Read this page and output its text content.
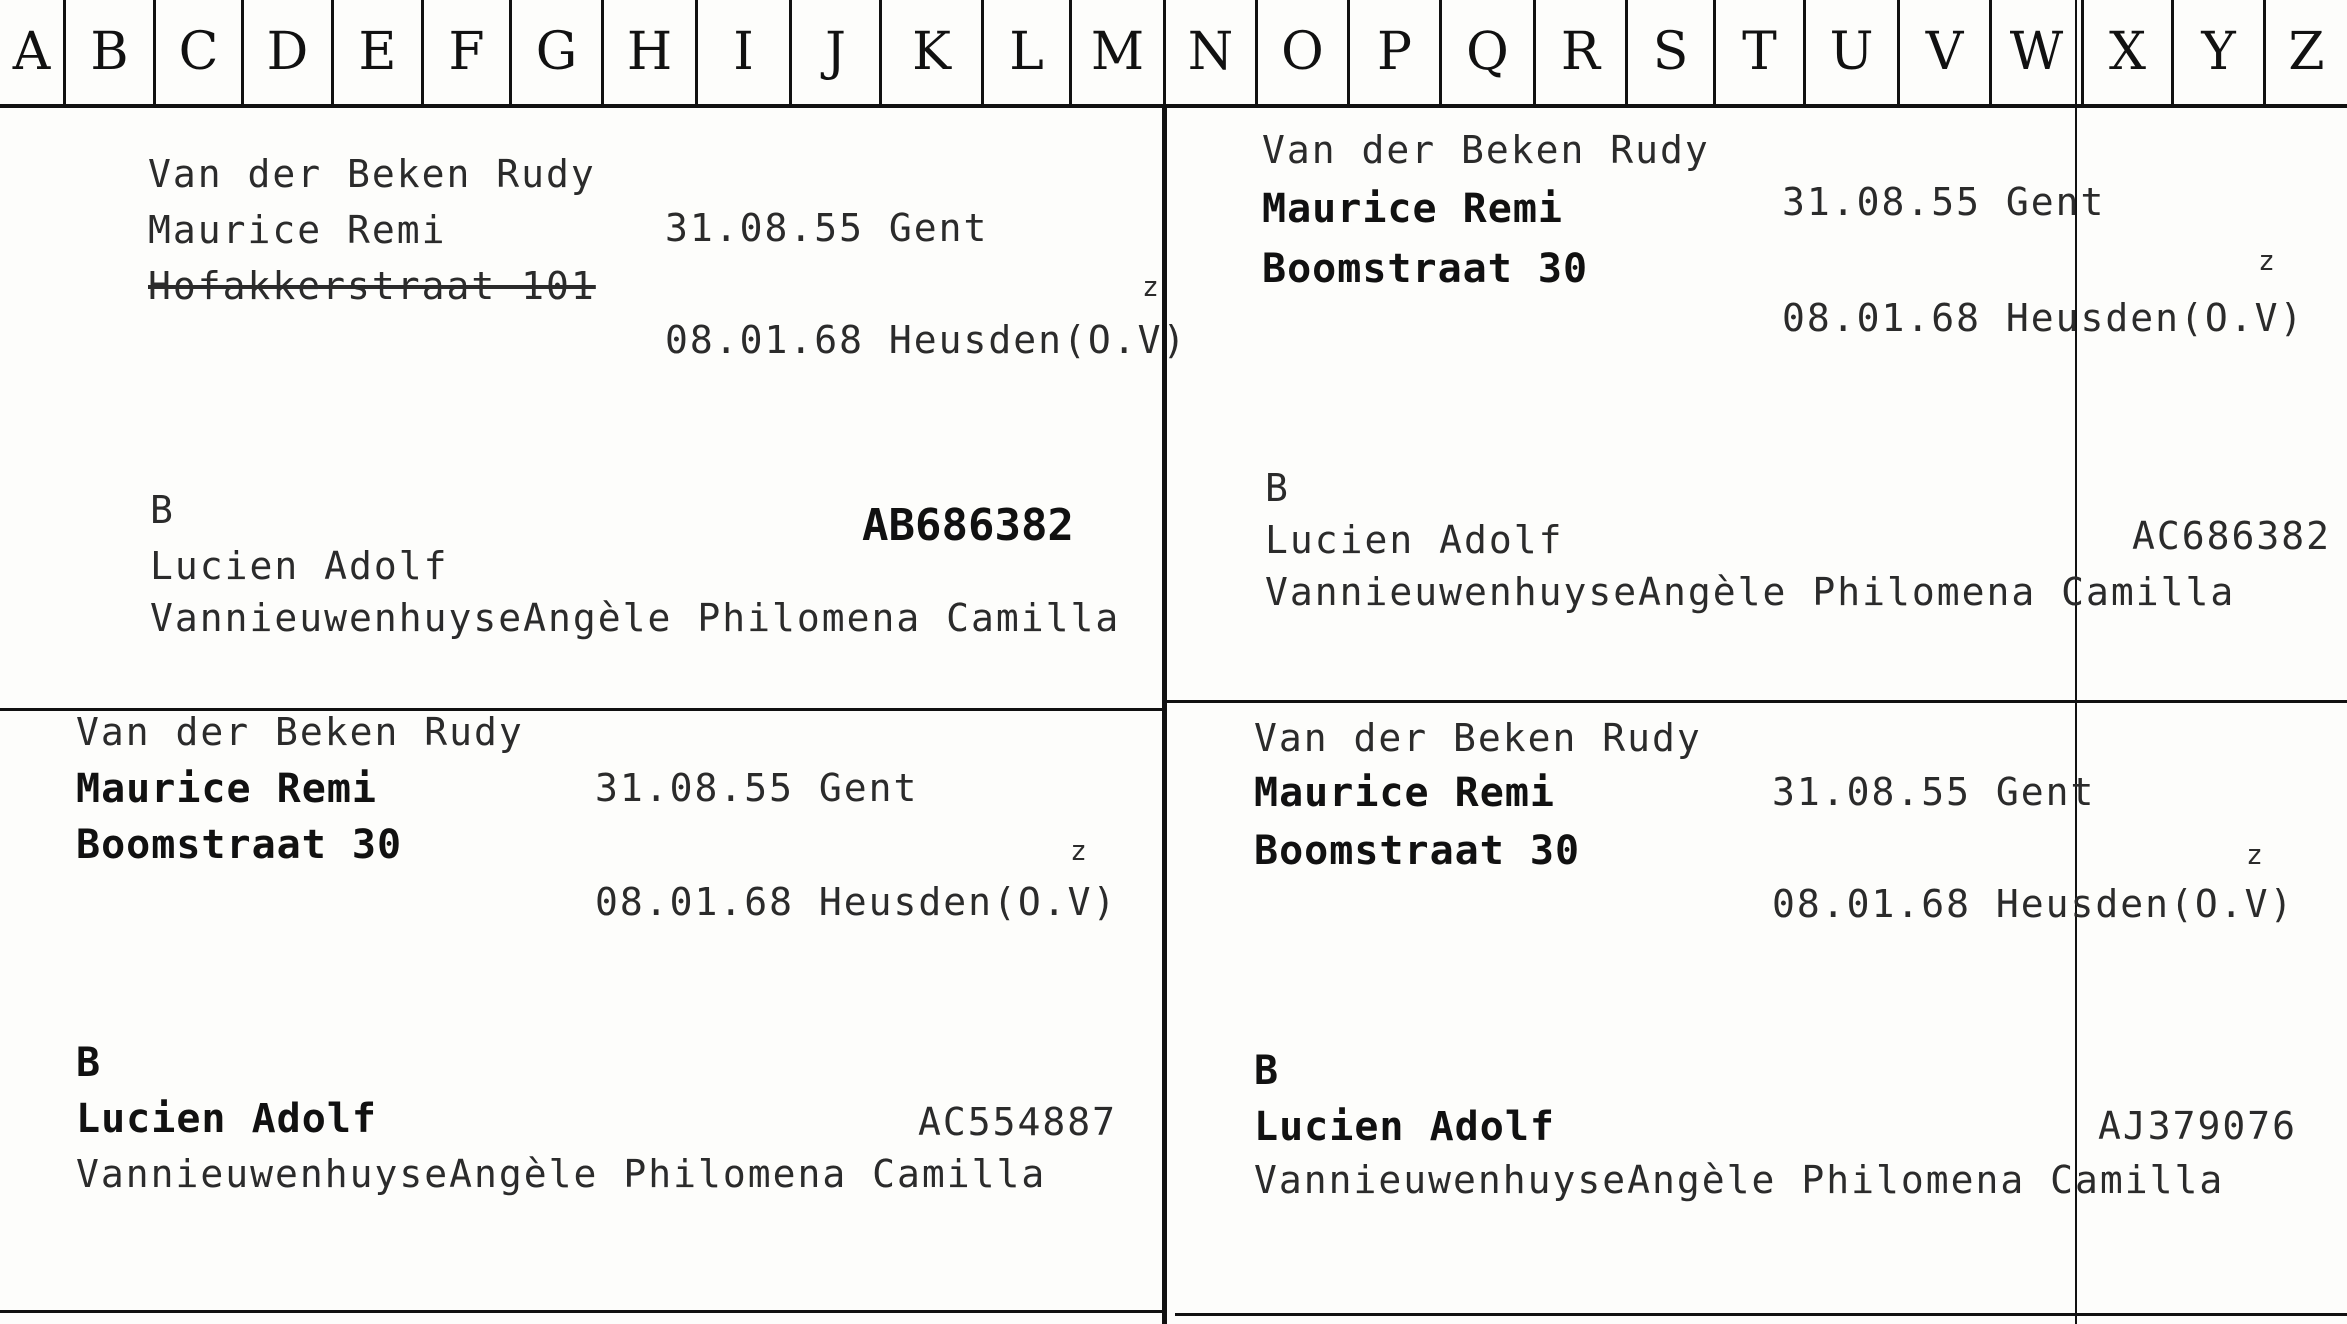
A B C D E F G H	I	J	K	L M N O	P	Q	R	S	T	U	V W X	Y	Z
Van der Beken Rudy
Maurice Remi	31.08.55 Gent
Hofakkerstraat 101	z
08.01.68 Heusden(O.V)
B	AB686382
Lucien Adolf
VannieuwenhuyseAngèle Philomena Camilla
Van der Beken Rudy
Maurice Remi	31.08.55 Gent
Boomstraat 30	z
08.01.68 Heusden(O.V)
B
AC686382
Lucien Adolf
VannieuwenhuyseAngèle Philomena Camilla
Van der Beken Rudy
Maurice Remi	31.08.55 Gent
Boomstraat 30	z
08.01.68 Heusden(O.V)
B
AC554887
Lucien Adolf
VannieuwenhuyseAngèle Philomena Camilla
Van der Beken Rudy
Maurice Remi	31.08.55 Gent
Boomstraat 30	z
08.01.68 Heusden(O.V)
B
AJ379076
Lucien Adolf
VannieuwenhuyseAngèle Philomena Camilla
